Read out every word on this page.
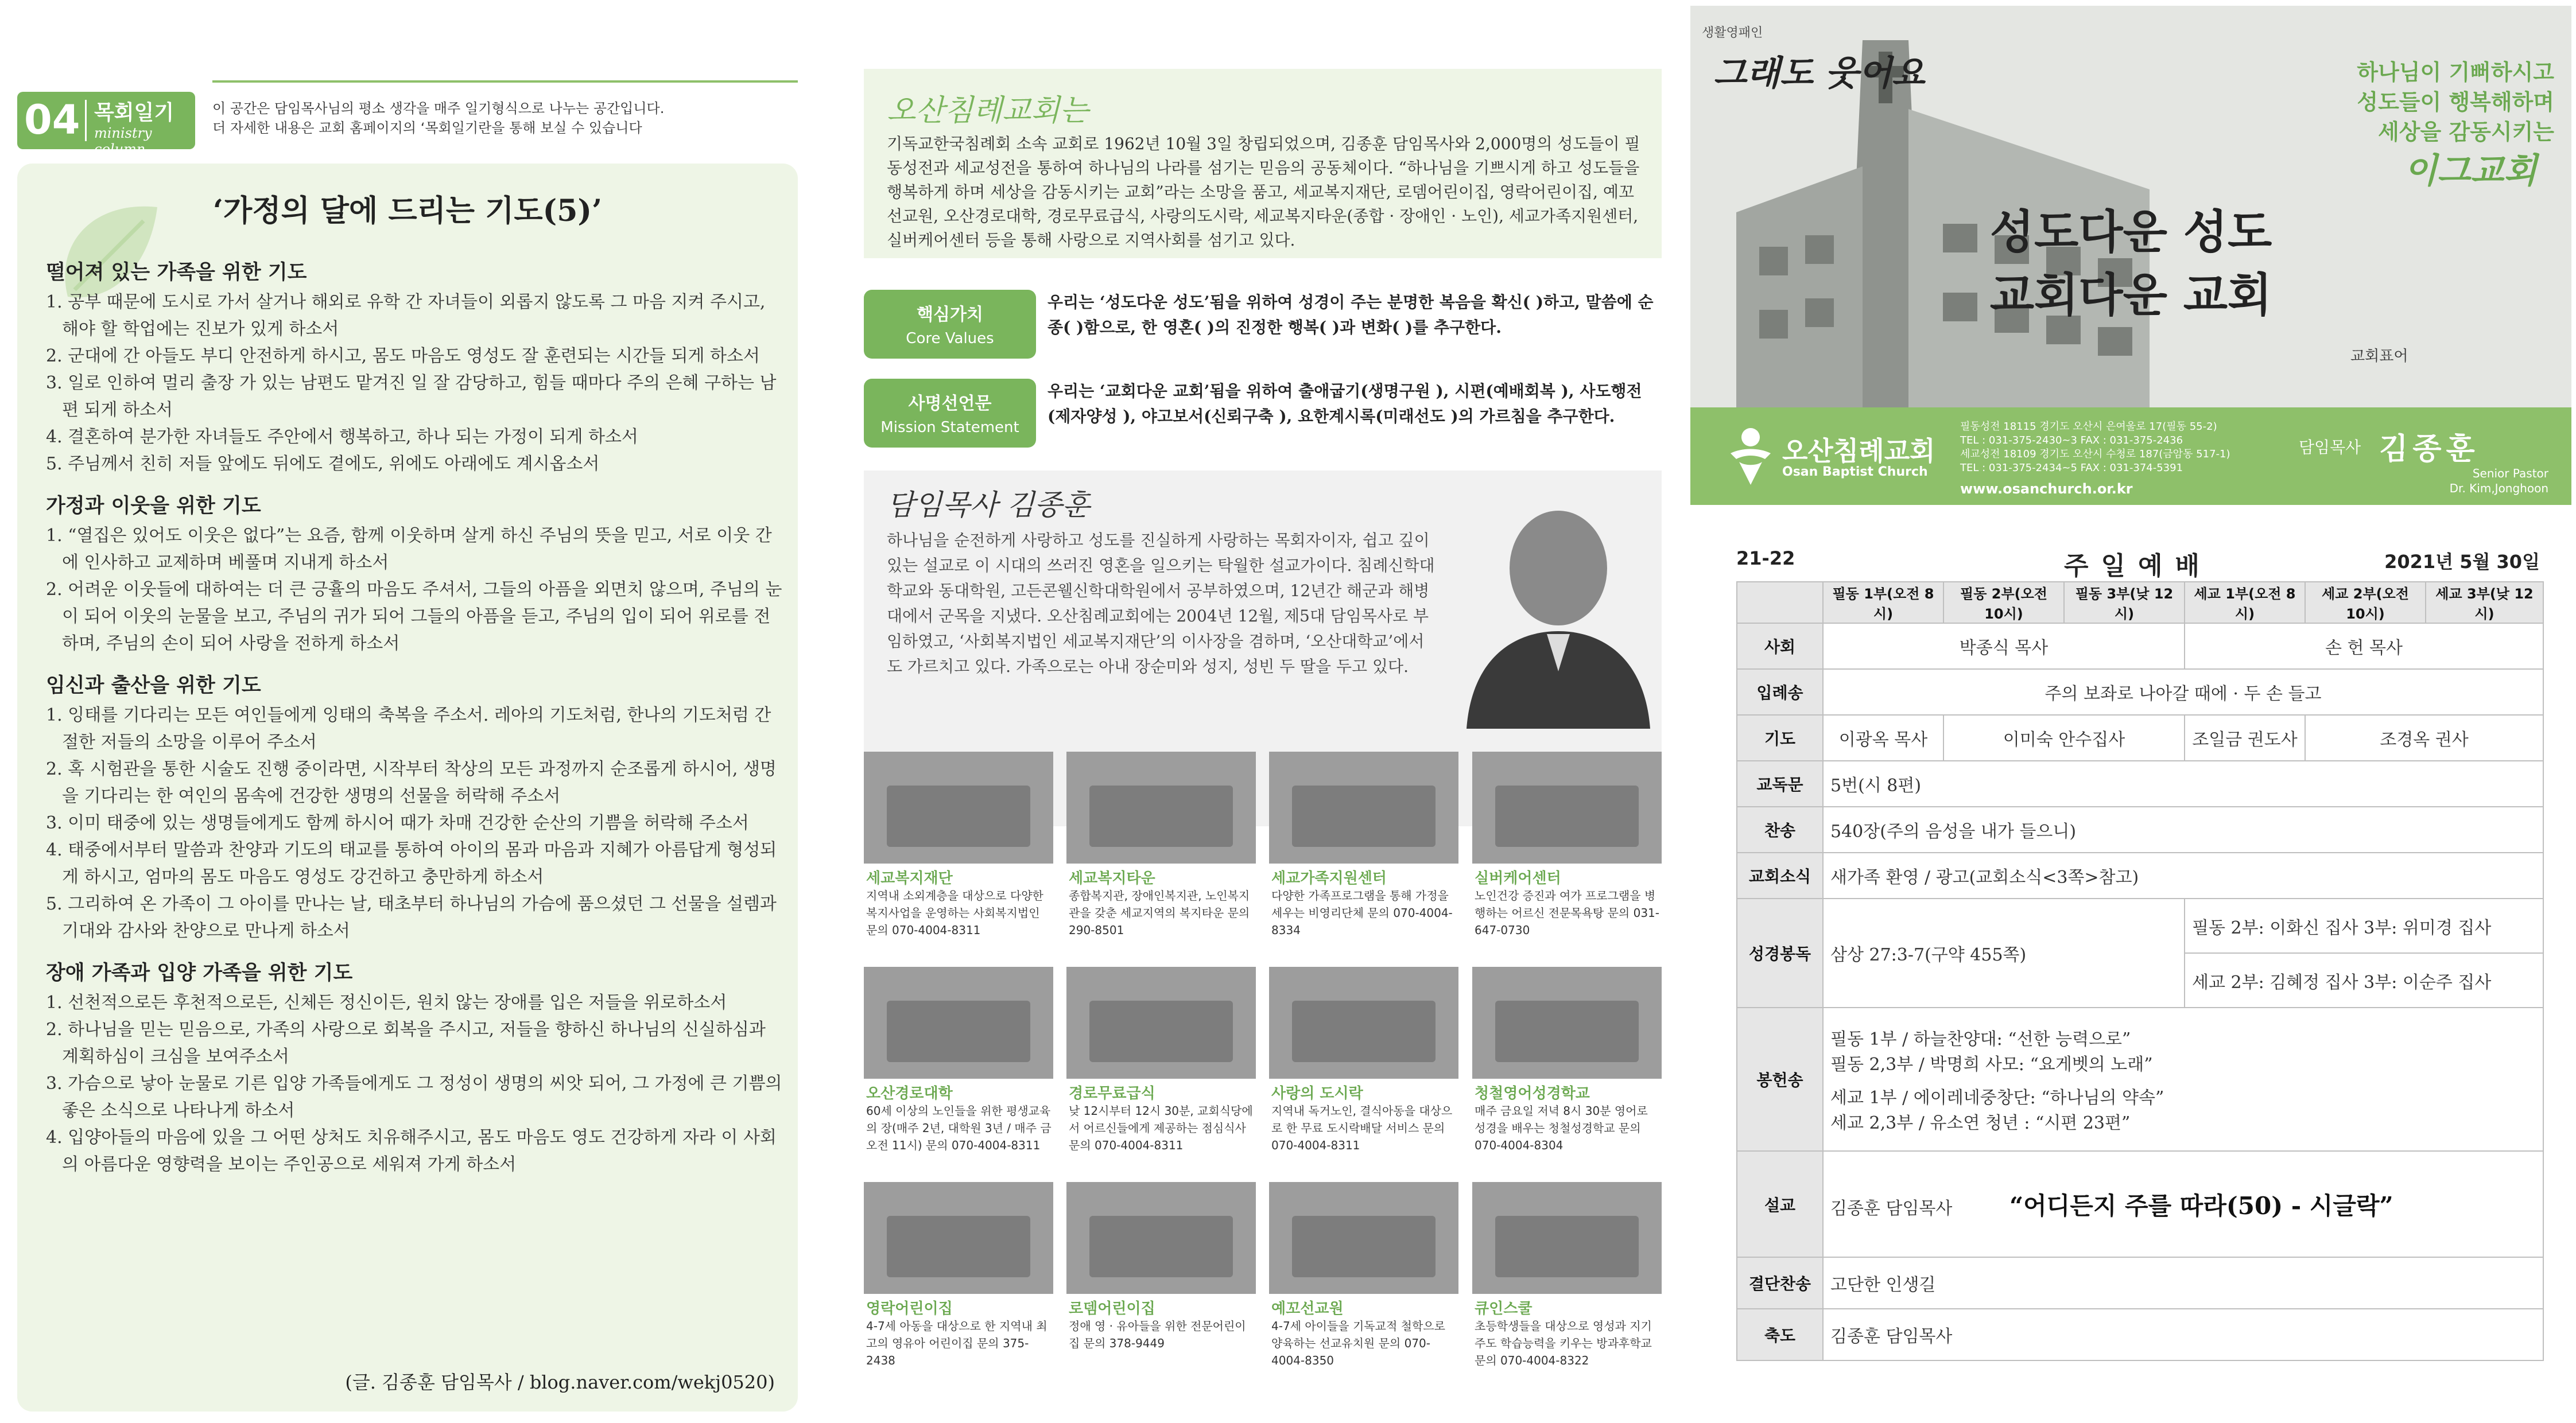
04 목회일기
ministry column
이 공간은 담임목사님의 평소 생각을 매주 일기형식으로 나누는 공간입니다.
더 자세한 내용은 교회 홈페이지의 ‘목회일기란을 통해 보실 수 있습니다
‘가정의 달에 드리는 기도(5)’
떨어져 있는 가족을 위한 기도

1. 공부 때문에 도시로 가서 살거나 해외로 유학 간 자녀들이 외롭지 않도록 그 마음 지켜 주시고, 해야 할 학업에는 진보가 있게 하소서

2. 군대에 간 아들도 부디 안전하게 하시고, 몸도 마음도 영성도 잘 훈련되는 시간들 되게 하소서

3. 일로 인하여 멀리 출장 가 있는 남편도 맡겨진 일 잘 감당하고, 힘들 때마다 주의 은혜 구하는 남편 되게 하소서

4. 결혼하여 분가한 자녀들도 주안에서 행복하고, 하나 되는 가정이 되게 하소서

5. 주님께서 친히 저들 앞에도 뒤에도 곁에도, 위에도 아래에도 계시옵소서

가정과 이웃을 위한 기도

1. “열집은 있어도 이웃은 없다”는 요즘, 함께 이웃하며 살게 하신 주님의 뜻을 믿고, 서로 이웃 간에 인사하고 교제하며 베풀며 지내게 하소서

2. 어려운 이웃들에 대하여는 더 큰 긍휼의 마음도 주셔서, 그들의 아픔을 외면치 않으며, 주님의 눈이 되어 이웃의 눈물을 보고, 주님의 귀가 되어 그들의 아픔을 듣고, 주님의 입이 되어 위로를 전하며, 주님의 손이 되어 사랑을 전하게 하소서

임신과 출산을 위한 기도

1. 잉태를 기다리는 모든 여인들에게 잉태의 축복을 주소서. 레아의 기도처럼, 한나의 기도처럼 간절한 저들의 소망을 이루어 주소서

2. 혹 시험관을 통한 시술도 진행 중이라면, 시작부터 착상의 모든 과정까지 순조롭게 하시어, 생명을 기다리는 한 여인의 몸속에 건강한 생명의 선물을 허락해 주소서

3. 이미 태중에 있는 생명들에게도 함께 하시어 때가 차매 건강한 순산의 기쁨을 허락해 주소서

4. 태중에서부터 말씀과 찬양과 기도의 태교를 통하여 아이의 몸과 마음과 지혜가 아름답게 형성되게 하시고, 엄마의 몸도 마음도 영성도 강건하고 충만하게 하소서

5. 그리하여 온 가족이 그 아이를 만나는 날, 태초부터 하나님의 가슴에 품으셨던 그 선물을 설렘과 기대와 감사와 찬양으로 만나게 하소서

장애 가족과 입양 가족을 위한 기도

1. 선천적으로든 후천적으로든, 신체든 정신이든, 원치 않는 장애를 입은 저들을 위로하소서

2. 하나님을 믿는 믿음으로, 가족의 사랑으로 회복을 주시고, 저들을 향하신 하나님의 신실하심과 계획하심이 크심을 보여주소서

3. 가슴으로 낳아 눈물로 기른 입양 가족들에게도 그 정성이 생명의 씨앗 되어, 그 가정에 큰 기쁨의 좋은 소식으로 나타나게 하소서

4. 입양아들의 마음에 있을 그 어떤 상처도 치유해주시고, 몸도 마음도 영도 건강하게 자라 이 사회의 아름다운 영향력을 보이는 주인공으로 세워져 가게 하소서

(글. 김종훈 담임목사 / blog.naver.com/wekj0520)
오산침례교회는
기독교한국침례회 소속 교회로 1962년 10월 3일 창립되었으며, 김종훈 담임목사와 2,000명의 성도들이 필동성전과 세교성전을 통하여 하나님의 나라를 섬기는 믿음의 공동체이다. “하나님을 기쁘시게 하고 성도들을 행복하게 하며 세상을 감동시키는 교회”라는 소망을 품고, 세교복지재단, 로뎀어린이집, 영락어린이집, 예꼬선교원, 오산경로대학, 경로무료급식, 사랑의도시락, 세교복지타운(종합 · 장애인 · 노인), 세교가족지원센터, 실버케어센터 등을 통해 사랑으로 지역사회를 섬기고 있다.
핵심가치
Core Values
우리는 ‘성도다운 성도’됨을 위하여 성경이 주는 분명한 복음을 확신( )하고, 말씀에 순종( )함으로, 한 영혼( )의 진정한 행복( )과 변화( )를 추구한다.
사명선언문
Mission Statement
우리는 ‘교회다운 교회’됨을 위하여 출애굽기(생명구원 ), 시편(예배회복 ), 사도행전(제자양성 ), 야고보서(신뢰구축 ), 요한계시록(미래선도 )의 가르침을 추구한다.
담임목사 김종훈
하나님을 순전하게 사랑하고 성도를 진실하게 사랑하는 목회자이자, 쉽고 깊이 있는 설교로 이 시대의 쓰러진 영혼을 일으키는 탁월한 설교가이다. 침례신학대학교와 동대학원, 고든콘웰신학대학원에서 공부하였으며, 12년간 해군과 해병대에서 군목을 지냈다. 오산침례교회에는 2004년 12월, 제5대 담임목사로 부임하였고, ‘사회복지법인 세교복지재단’의 이사장을 겸하며, ‘오산대학교’에서도 가르치고 있다. 가족으로는 아내 장순미와 성지, 성빈 두 딸을 두고 있다.
세교복지재단
지역내 소외계층을 대상으로 다양한 복지사업을 운영하는 사회복지법인 문의 070-4004-8311
세교복지타운
종합복지관, 장애인복지관, 노인복지관을 갖춘 세교지역의 복지타운 문의 290-8501
세교가족지원센터
다양한 가족프로그램을 통해 가정을 세우는 비영리단체 문의 070-4004-8334
실버케어센터
노인건강 증진과 여가 프로그램을 병행하는 어르신 전문목욕탕 문의 031-647-0730
오산경로대학
60세 이상의 노인들을 위한 평생교육의 장(매주 2년, 대학원 3년 / 매주 금 오전 11시) 문의 070-4004-8311
경로무료급식
낮 12시부터 12시 30분, 교회식당에서 어르신들에게 제공하는 점심식사 문의 070-4004-8311
사랑의 도시락
지역내 독거노인, 결식아동을 대상으로 한 무료 도시락배달 서비스 문의 070-4004-8311
청철영어성경학교
매주 금요일 저녁 8시 30분 영어로 성경을 배우는 청철성경학교 문의 070-4004-8304
영락어린이집
4-7세 아동을 대상으로 한 지역내 최고의 영유아 어린이집 문의 375-2438
로뎀어린이집
정애 영 · 유아들을 위한 전문어린이집 문의 378-9449
예꼬선교원
4-7세 아이들을 기독교적 철학으로 양육하는 선교유치원 문의 070-4004-8350
큐인스쿨
초등학생들을 대상으로 영성과 지기주도 학습능력을 키우는 방과후학교 문의 070-4004-8322
생활영패인
그래도 웃어요	하나님이 기뻐하시고
성도들이 행복해하며
세상을 감동시키는
이그교회
성도다운 성도
교회다운 교회
교회표어
오산침례교회
Osan Baptist Church
필동성전 18115 경기도 오산시 은여울로 17(필동 55-2)
TEL : 031-375-2430~3 FAX : 031-375-2436
세교성전 18109 경기도 오산시 수청로 187(금암동 517-1)
TEL : 031-375-2434~5 FAX : 031-374-5391
www.osanchurch.or.kr
담임목사 김종훈
Senior Pastor
Dr. Kim,Jonghoon
21-22	주일예배	2021년 5월 30일
	필동 1부(오전 8시)	필동 2부(오전 10시)	필동 3부(낮 12시)	세교 1부(오전 8시)	세교 2부(오전 10시)	세교 3부(낮 12시)
사회	박종식 목사			손 헌 목사		
입례송	주의 보좌로 나아갈 때에 · 두 손 들고					
기도	이광옥 목사	이미숙 안수집사		조일금 권도사	조경옥 권사	
교독문	5번(시 8편)					
찬송	540장(주의 음성을 내가 들으니)					
교회소식	새가족 환영 / 광고(교회소식<3쪽>참고)					
성경봉독	삼상 27:3-7(구약 455쪽)			필동 2부: 이화신 집사 3부: 위미경 집사		
				세교 2부: 김혜정 집사 3부: 이순주 집사		
봉헌송	필동 1부 / 하늘찬양대: “선한 능력으로”
필동 2,3부 / 박명희 사모: “요게벳의 노래”
세교 1부 / 에이레네중창단: “하나님의 약속”
세교 2,3부 / 유소연 청년 : “시편 23편”					

설교	김종훈 담임목사 “어디든지 주를 따라(50) - 시글락”					
결단찬송	고단한 인생길					
축도	김종훈 담임목사					
